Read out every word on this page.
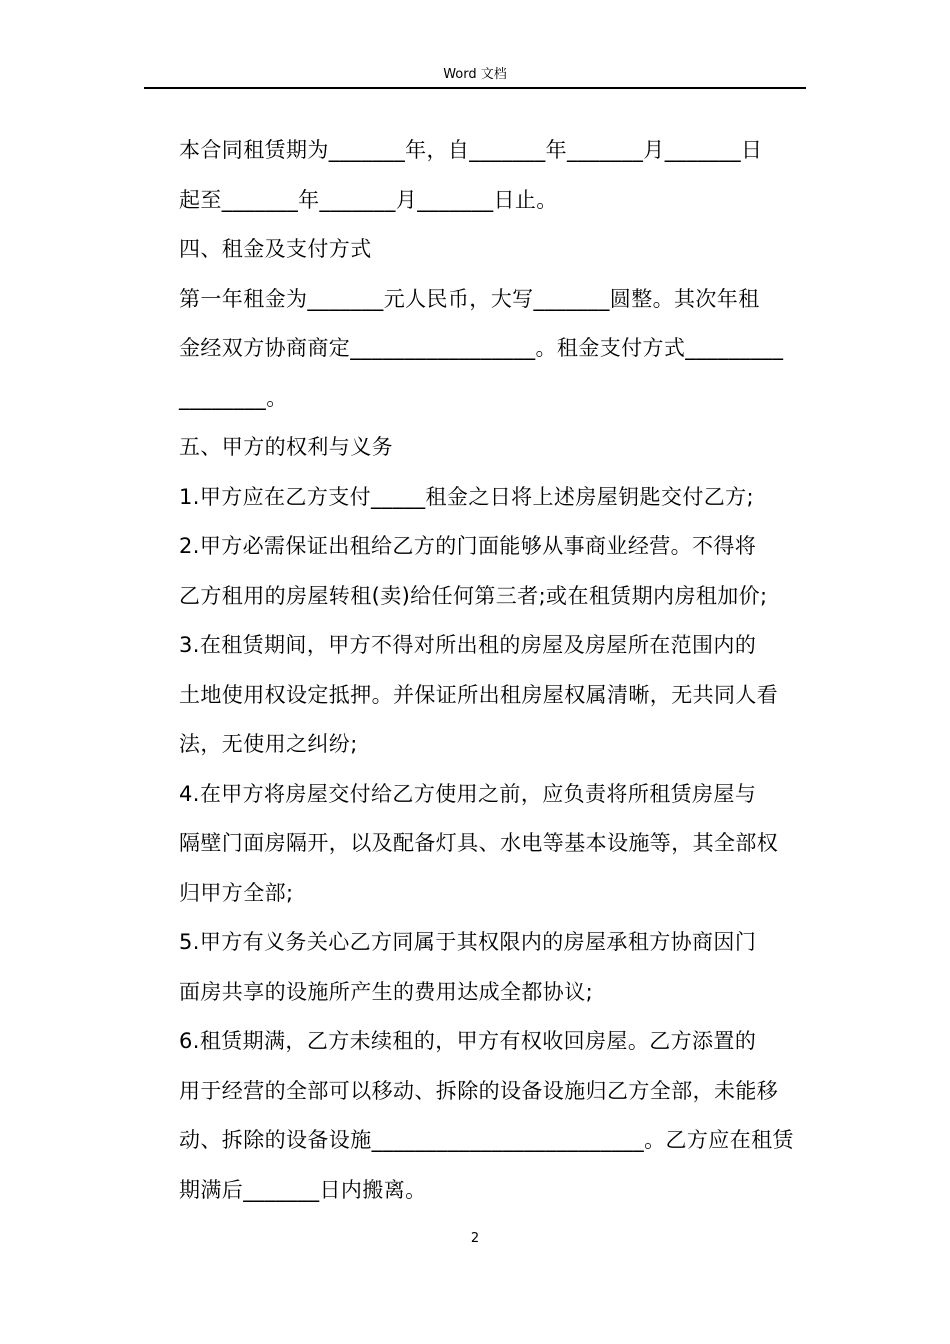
Word 文档

本合同租赁期为_______年，自_______年_______月_______日

起至_______年_______月_______日止。

四、租金及支付方式

第一年租金为_______元人民币，大写_______圆整。其次年租

金经双方协商商定_________________。租金支付方式_________

________。

五、甲方的权利与义务

1.甲方应在乙方支付_____租金之日将上述房屋钥匙交付乙方;

2.甲方必需保证出租给乙方的门面能够从事商业经营。不得将

乙方租用的房屋转租(卖)给任何第三者;或在租赁期内房租加价;

3.在租赁期间，甲方不得对所出租的房屋及房屋所在范围内的

土地使用权设定抵押。并保证所出租房屋权属清晰，无共同人看

法，无使用之纠纷;

4.在甲方将房屋交付给乙方使用之前，应负责将所租赁房屋与

隔壁门面房隔开，以及配备灯具、水电等基本设施等，其全部权

归甲方全部;

5.甲方有义务关心乙方同属于其权限内的房屋承租方协商因门

面房共享的设施所产生的费用达成全都协议;

6.租赁期满，乙方未续租的，甲方有权收回房屋。乙方添置的

用于经营的全部可以移动、拆除的设备设施归乙方全部，未能移

动、拆除的设备设施_________________________。乙方应在租赁

期满后_______日内搬离。

2
